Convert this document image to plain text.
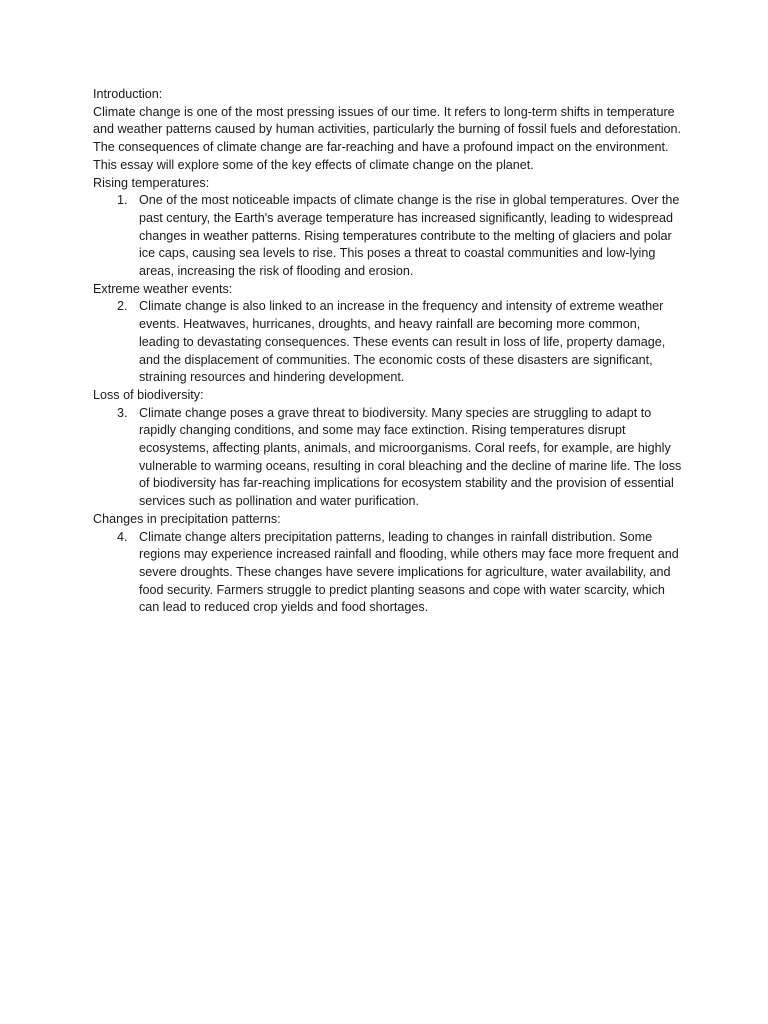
Introduction:

Climate change is one of the most pressing issues of our time. It refers to long-term shifts in temperature and weather patterns caused by human activities, particularly the burning of fossil fuels and deforestation. The consequences of climate change are far-reaching and have a profound impact on the environment. This essay will explore some of the key effects of climate change on the planet.

Rising temperatures:
1. One of the most noticeable impacts of climate change is the rise in global temperatures. Over the past century, the Earth's average temperature has increased significantly, leading to widespread changes in weather patterns. Rising temperatures contribute to the melting of glaciers and polar ice caps, causing sea levels to rise. This poses a threat to coastal communities and low-lying areas, increasing the risk of flooding and erosion.
Extreme weather events:
2. Climate change is also linked to an increase in the frequency and intensity of extreme weather events. Heatwaves, hurricanes, droughts, and heavy rainfall are becoming more common, leading to devastating consequences. These events can result in loss of life, property damage, and the displacement of communities. The economic costs of these disasters are significant, straining resources and hindering development.
Loss of biodiversity:
3. Climate change poses a grave threat to biodiversity. Many species are struggling to adapt to rapidly changing conditions, and some may face extinction. Rising temperatures disrupt ecosystems, affecting plants, animals, and microorganisms. Coral reefs, for example, are highly vulnerable to warming oceans, resulting in coral bleaching and the decline of marine life. The loss of biodiversity has far-reaching implications for ecosystem stability and the provision of essential services such as pollination and water purification.
Changes in precipitation patterns:
4. Climate change alters precipitation patterns, leading to changes in rainfall distribution. Some regions may experience increased rainfall and flooding, while others may face more frequent and severe droughts. These changes have severe implications for agriculture, water availability, and food security. Farmers struggle to predict planting seasons and cope with water scarcity, which can lead to reduced crop yields and food shortages.
